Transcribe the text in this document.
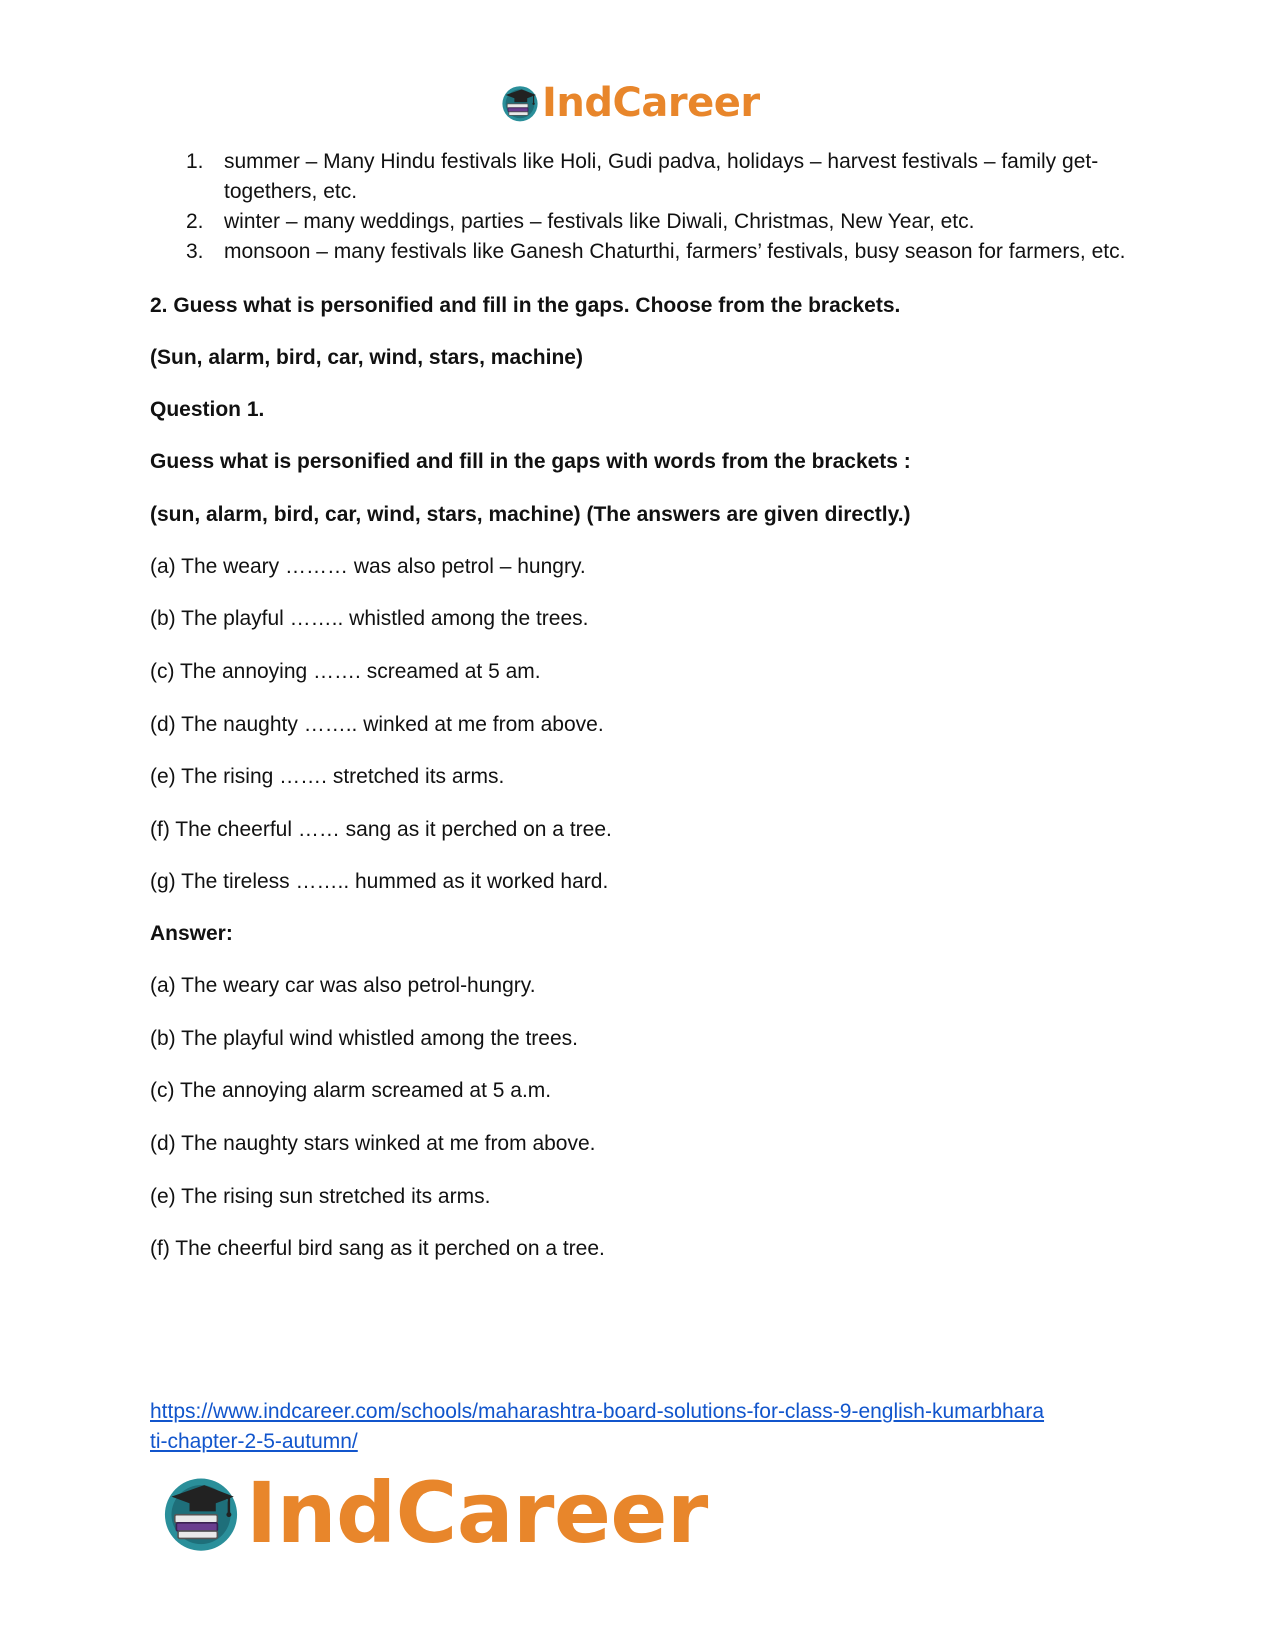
IndCareer
1. summer – Many Hindu festivals like Holi, Gudi padva, holidays – harvest festivals – family get-togethers, etc.
2. winter – many weddings, parties – festivals like Diwali, Christmas, New Year, etc.
3. monsoon – many festivals like Ganesh Chaturthi, farmers’ festivals, busy season for farmers, etc.

2. Guess what is personified and fill in the gaps. Choose from the brackets.

(Sun, alarm, bird, car, wind, stars, machine)

Question 1.

Guess what is personified and fill in the gaps with words from the brackets :

(sun, alarm, bird, car, wind, stars, machine) (The answers are given directly.)

(a) The weary ……… was also petrol – hungry.

(b) The playful …….. whistled among the trees.

(c) The annoying ……. screamed at 5 am.

(d) The naughty …….. winked at me from above.

(e) The rising ……. stretched its arms.

(f) The cheerful …… sang as it perched on a tree.

(g) The tireless …….. hummed as it worked hard.

Answer:

(a) The weary car was also petrol-hungry.

(b) The playful wind whistled among the trees.

(c) The annoying alarm screamed at 5 a.m.

(d) The naughty stars winked at me from above.

(e) The rising sun stretched its arms.

(f) The cheerful bird sang as it perched on a tree.

https://www.indcareer.com/schools/maharashtra-board-solutions-for-class-9-english-kumarbhara
ti-chapter-2-5-autumn/
IndCareer
